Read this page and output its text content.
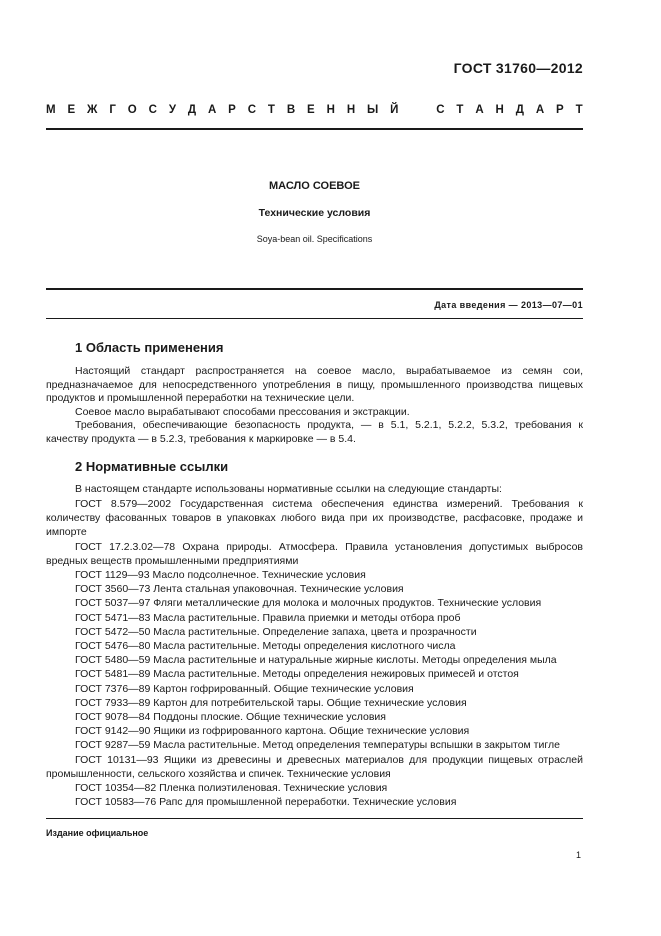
ГОСТ 31760—2012
М Е Ж Г О С У Д А Р С Т В Е Н Н Ы Й	С Т А Н Д А Р Т
МАСЛО СОЕВОЕ
Технические условия
Soya-bean oil. Specifications
Дата введения — 2013—07—01
1 Область применения

Настоящий стандарт распространяется на соевое масло, вырабатываемое из семян сои, предназначаемое для непосредственного употребления в пищу, промышленного производства пищевых продуктов и промышленной переработки на технические цели.

Соевое масло вырабатывают способами прессования и экстракции.

Требования, обеспечивающие безопасность продукта, — в 5.1, 5.2.1, 5.2.2, 5.3.2, требования к качеству продукта — в 5.2.3, требования к маркировке — в 5.4.

2 Нормативные ссылки

В настоящем стандарте использованы нормативные ссылки на следующие стандарты:

ГОСТ 8.579—2002 Государственная система обеспечения единства измерений. Требования к количеству фасованных товаров в упаковках любого вида при их производстве, расфасовке, продаже и импорте
ГОСТ 17.2.3.02—78 Охрана природы. Атмосфера. Правила установления допустимых выбросов вредных веществ промышленными предприятиями
ГОСТ 1129—93 Масло подсолнечное. Технические условия
ГОСТ 3560—73 Лента стальная упаковочная. Технические условия
ГОСТ 5037—97 Фляги металлические для молока и молочных продуктов. Технические условия
ГОСТ 5471—83 Масла растительные. Правила приемки и методы отбора проб
ГОСТ 5472—50 Масла растительные. Определение запаха, цвета и прозрачности
ГОСТ 5476—80 Масла растительные. Методы определения кислотного числа
ГОСТ 5480—59 Масла растительные и натуральные жирные кислоты. Методы определения мыла
ГОСТ 5481—89 Масла растительные. Методы определения нежировых примесей и отстоя
ГОСТ 7376—89 Картон гофрированный. Общие технические условия
ГОСТ 7933—89 Картон для потребительской тары. Общие технические условия
ГОСТ 9078—84 Поддоны плоские. Общие технические условия
ГОСТ 9142—90 Ящики из гофрированного картона. Общие технические условия
ГОСТ 9287—59 Масла растительные. Метод определения температуры вспышки в закрытом тигле
ГОСТ 10131—93 Ящики из древесины и древесных материалов для продукции пищевых отраслей промышленности, сельского хозяйства и спичек. Технические условия
ГОСТ 10354—82 Пленка полиэтиленовая. Технические условия
ГОСТ 10583—76 Рапс для промышленной переработки. Технические условия
Издание официальное
1
